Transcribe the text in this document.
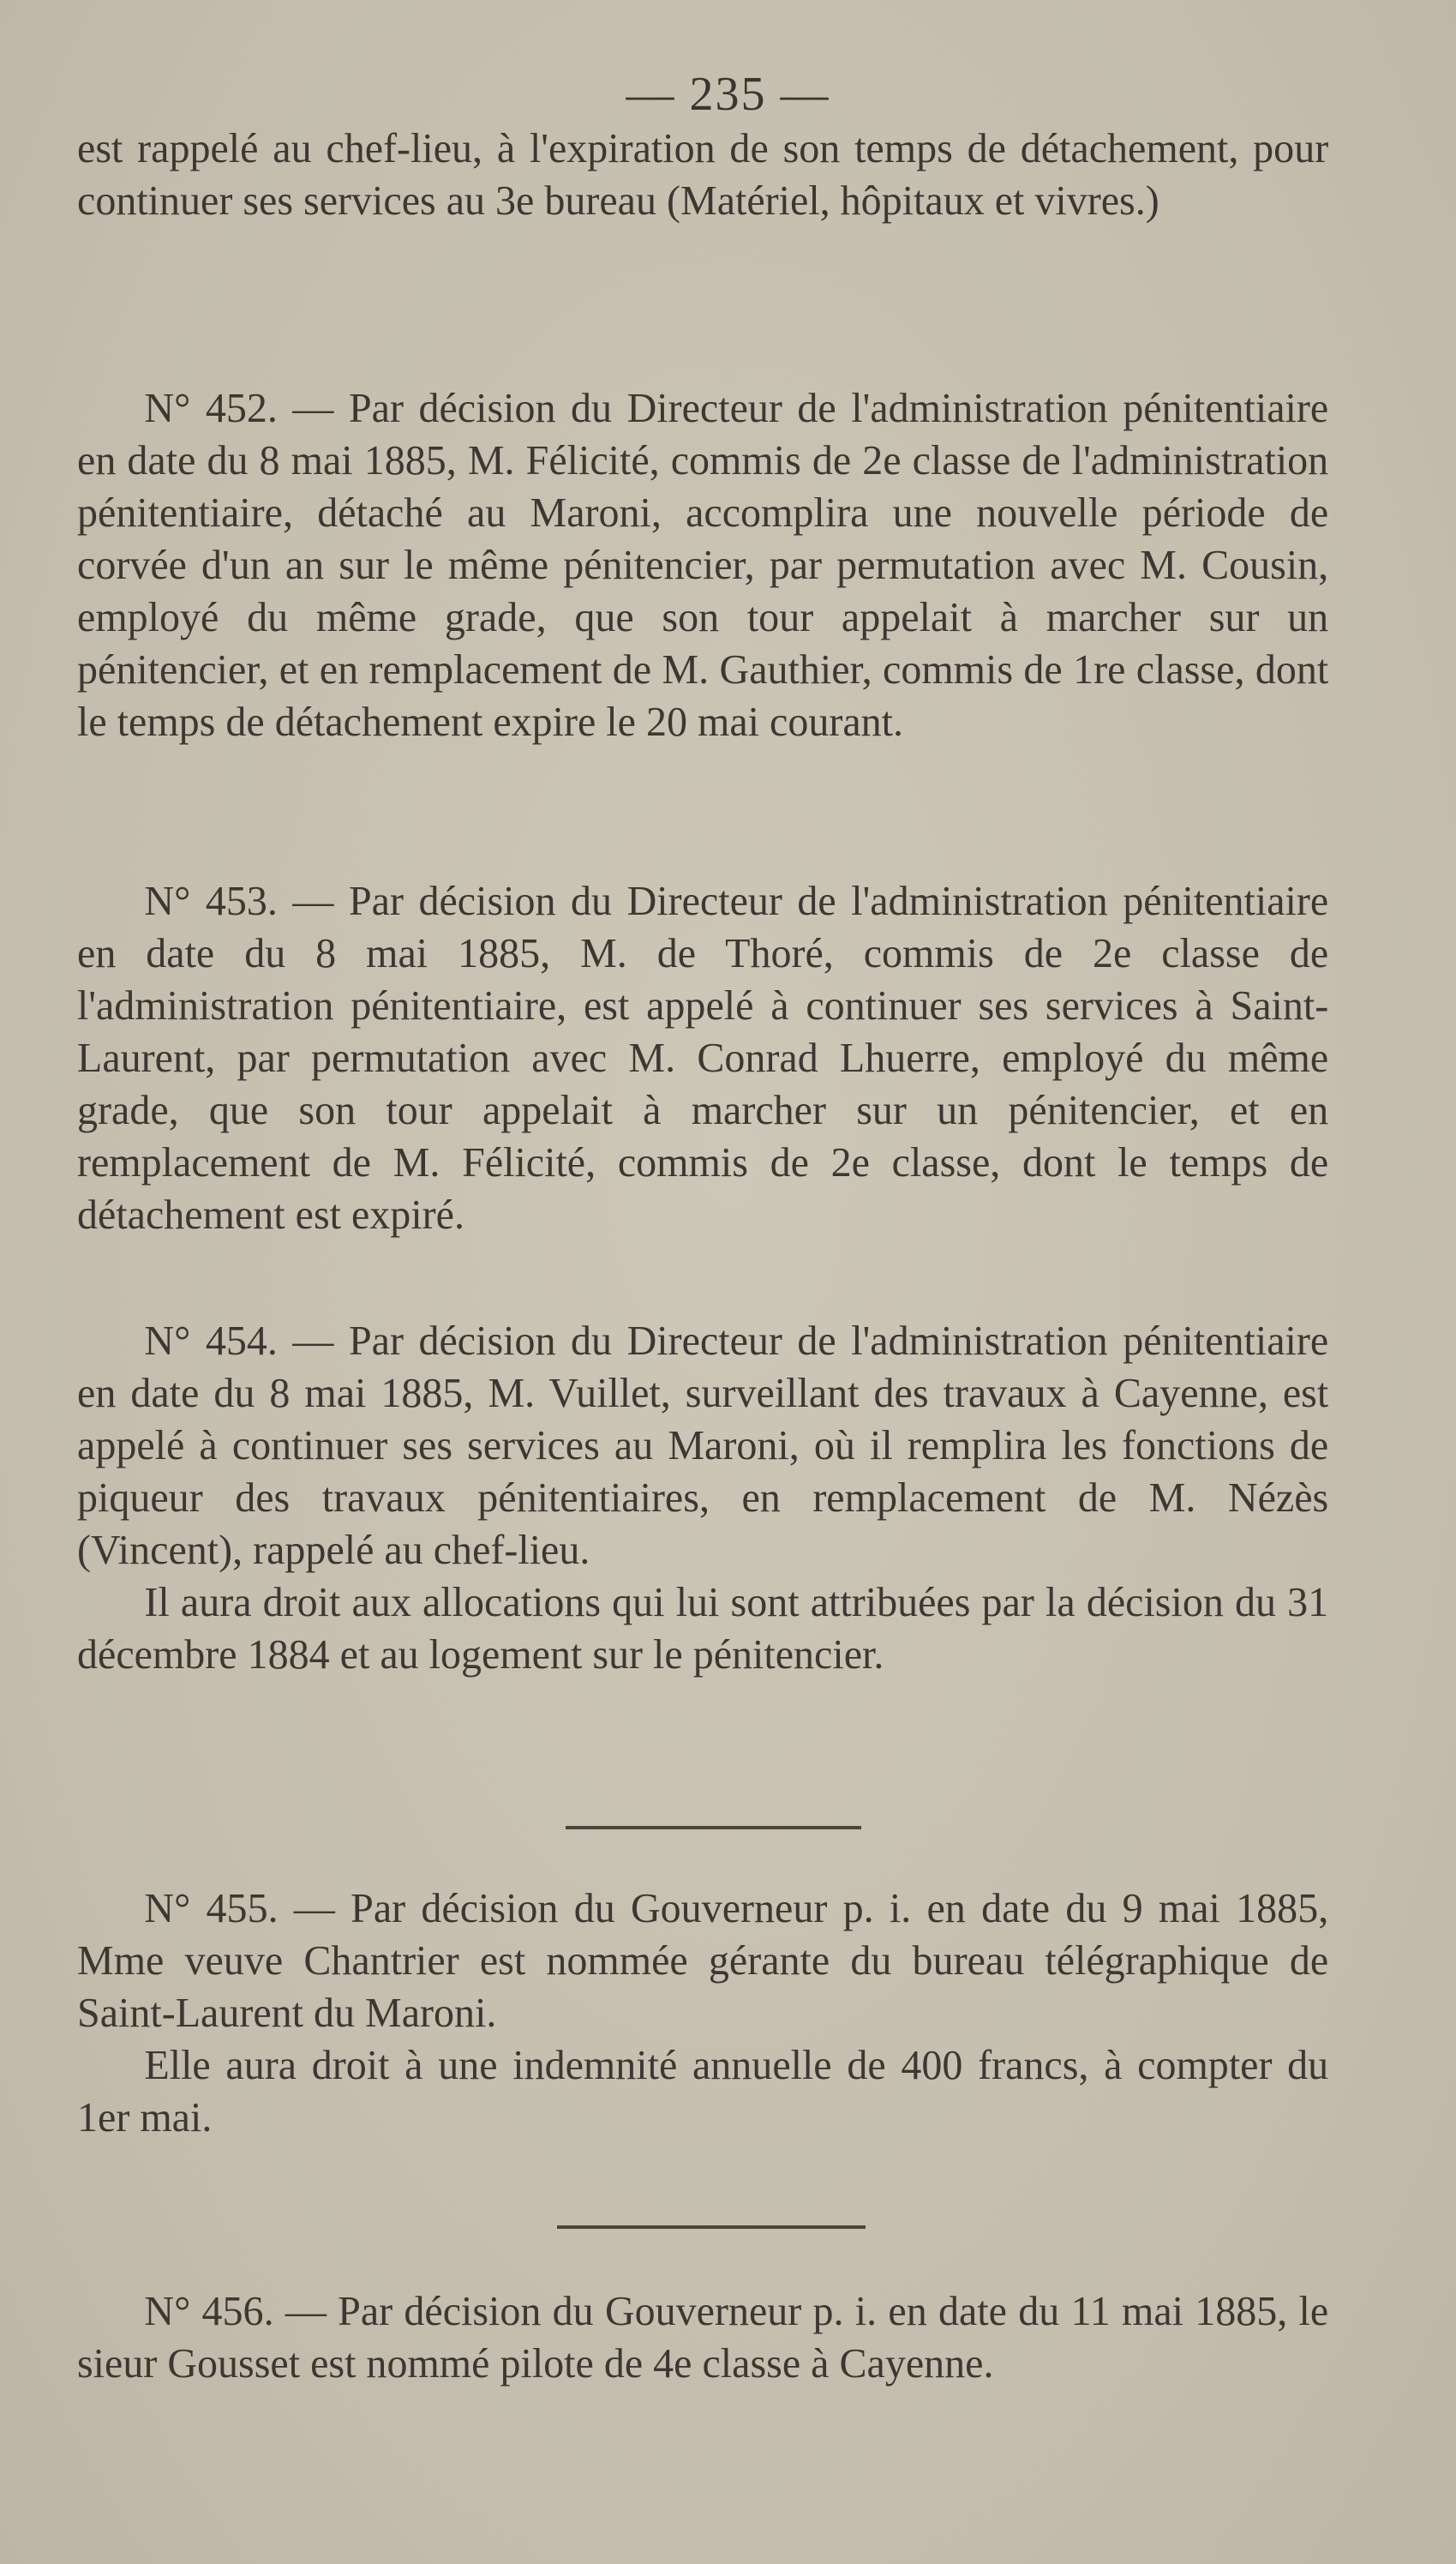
— 235 —

est rappelé au chef-lieu, à l'expiration de son temps de détachement, pour continuer ses services au 3e bureau (Matériel, hôpitaux et vivres.)

N° 452. — Par décision du Directeur de l'administration pénitentiaire en date du 8 mai 1885, M. Félicité, commis de 2e classe de l'administration pénitentiaire, détaché au Maroni, accomplira une nouvelle période de corvée d'un an sur le même pénitencier, par permutation avec M. Cousin, employé du même grade, que son tour appelait à marcher sur un pénitencier, et en remplacement de M. Gauthier, commis de 1re classe, dont le temps de détachement expire le 20 mai courant.

N° 453. — Par décision du Directeur de l'administration pénitentiaire en date du 8 mai 1885, M. de Thoré, commis de 2e classe de l'administration pénitentiaire, est appelé à continuer ses services à Saint-Laurent, par permutation avec M. Conrad Lhuerre, employé du même grade, que son tour appelait à marcher sur un pénitencier, et en remplacement de M. Félicité, commis de 2e classe, dont le temps de détachement est expiré.

N° 454. — Par décision du Directeur de l'administration pénitentiaire en date du 8 mai 1885, M. Vuillet, surveillant des travaux à Cayenne, est appelé à continuer ses services au Maroni, où il remplira les fonctions de piqueur des travaux pénitentiaires, en remplacement de M. Nézès (Vincent), rappelé au chef-lieu.

Il aura droit aux allocations qui lui sont attribuées par la décision du 31 décembre 1884 et au logement sur le pénitencier.

N° 455. — Par décision du Gouverneur p. i. en date du 9 mai 1885, Mme veuve Chantrier est nommée gérante du bureau télégraphique de Saint-Laurent du Maroni.

Elle aura droit à une indemnité annuelle de 400 francs, à compter du 1er mai.

N° 456. — Par décision du Gouverneur p. i. en date du 11 mai 1885, le sieur Gousset est nommé pilote de 4e classe à Cayenne.
